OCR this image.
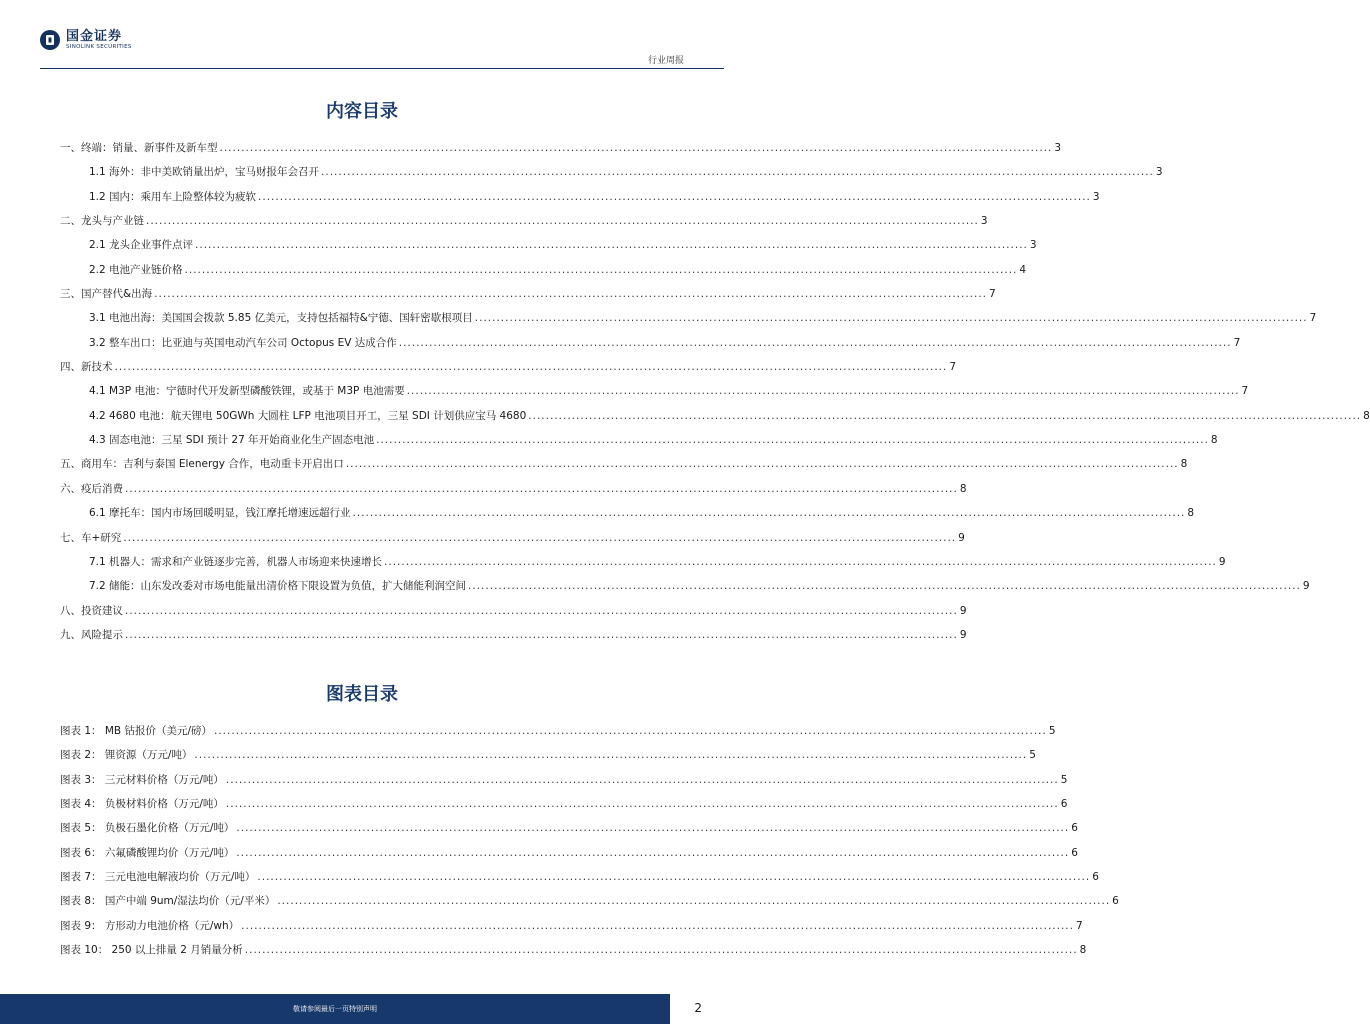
国金证券
SINOLINK SECURITIES
行业周报
内容目录
一、终端：销量、新事件及新车型 .....	3
1.1 海外：非中美欧销量出炉，宝马财报年会召开 .....	3
1.2 国内：乘用车上险整体较为疲软 .....	3
二、龙头与产业链 .....	3
2.1 龙头企业事件点评 .....	3
2.2 电池产业链价格 .....	4
三、国产替代&出海 .....	7
3.1 电池出海：美国国会拨款 5.85 亿美元，支持包括福特&宁德、国轩密歇根项目 .....	7
3.2 整车出口：比亚迪与英国电动汽车公司 Octopus EV 达成合作 .....	7
四、新技术 .....	7
4.1 M3P 电池：宁德时代开发新型磷酸铁锂，或基于 M3P 电池需要 .....	7
4.2 4680 电池：航天锂电 50GWh 大圆柱 LFP 电池项目开工，三星 SDI 计划供应宝马 4680 .....	8
4.3 固态电池：三星 SDI 预计 27 年开始商业化生产固态电池 .....	8
五、商用车：吉利与泰国 Elenergy 合作，电动重卡开启出口 .....	8
六、疫后消费 .....	8
6.1 摩托车：国内市场回暖明显，钱江摩托增速远超行业 .....	8
七、车+研究 .....	9
7.1 机器人：需求和产业链逐步完善，机器人市场迎来快速增长 .....	9
7.2 储能：山东发改委对市场电能量出清价格下限设置为负值，扩大储能利润空间 .....	9
八、投资建议 .....	9
九、风险提示 .....	9
图表目录
图表 1： MB 钴报价（美元/磅） .....	5
图表 2： 锂资源（万元/吨） .....	5
图表 3： 三元材料价格（万元/吨） .....	5
图表 4： 负极材料价格（万元/吨） .....	6
图表 5： 负极石墨化价格（万元/吨） .....	6
图表 6： 六氟磷酸锂均价（万元/吨） .....	6
图表 7： 三元电池电解液均价（万元/吨） .....	6
图表 8： 国产中端 9um/湿法均价（元/平米） .....	6
图表 9： 方形动力电池价格（元/wh） .....	7
图表 10： 250 以上排量 2 月销量分析 .....	8
敬请参阅最后一页特别声明	2
